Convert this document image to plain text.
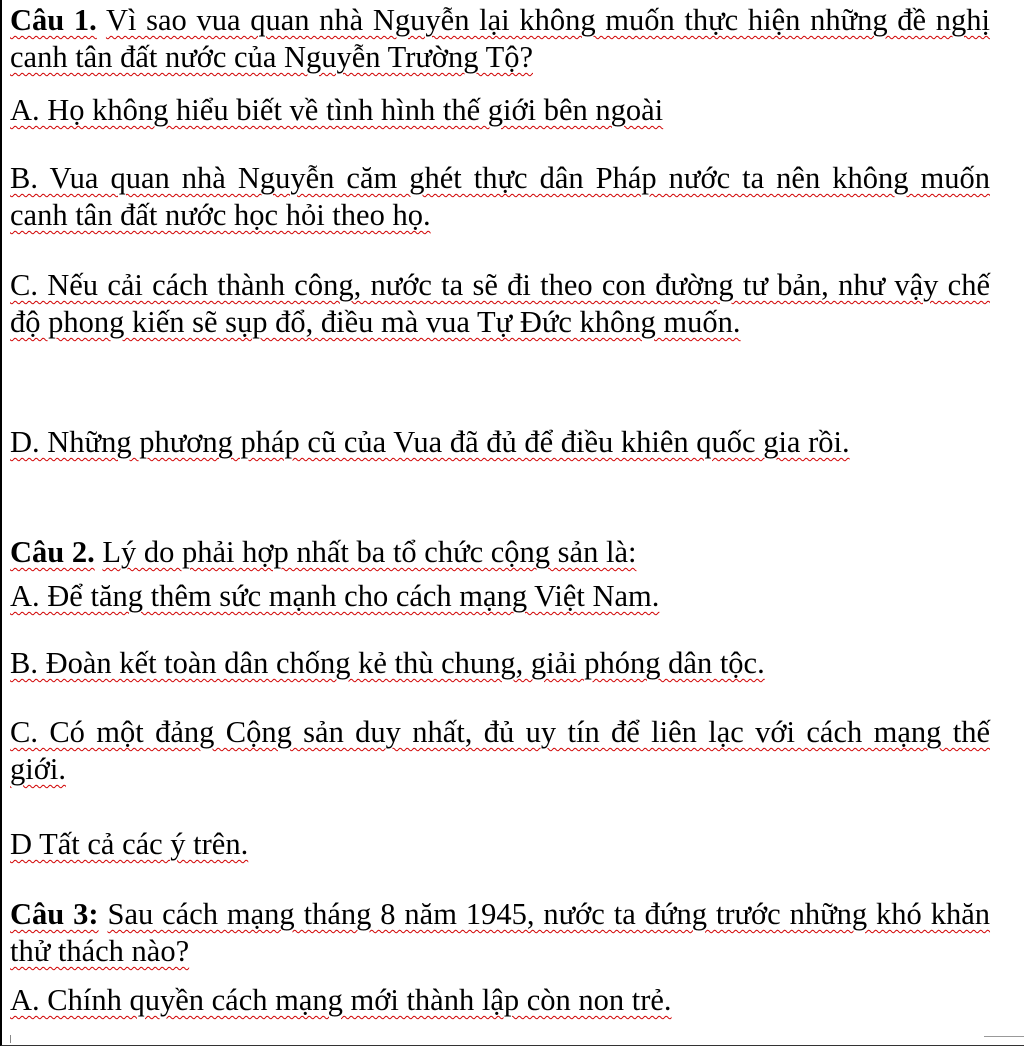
Câu 1. Vì sao vua quan nhà Nguyễn lại không muốn thực hiện những đề nghị canh tân đất nước của Nguyễn Trường Tộ?

A. Họ không hiểu biết về tình hình thế giới bên ngoài

B. Vua quan nhà Nguyễn căm ghét thực dân Pháp nước ta nên không muốn canh tân đất nước học hỏi theo họ.

C. Nếu cải cách thành công, nước ta sẽ đi theo con đường tư bản, như vậy chế độ phong kiến sẽ sụp đổ, điều mà vua Tự Đức không muốn.

D. Những phương pháp cũ của Vua đã đủ để điều khiên quốc gia rồi.

Câu 2. Lý do phải hợp nhất ba tổ chức cộng sản là:

A. Để tăng thêm sức mạnh cho cách mạng Việt Nam.

B. Đoàn kết toàn dân chống kẻ thù chung, giải phóng dân tộc.

C. Có một đảng Cộng sản duy nhất, đủ uy tín để liên lạc với cách mạng thế giới.

D Tất cả các ý trên.

Câu 3: Sau cách mạng tháng 8 năm 1945, nước ta đứng trước những khó khăn thử thách nào?

A. Chính quyền cách mạng mới thành lập còn non trẻ.
